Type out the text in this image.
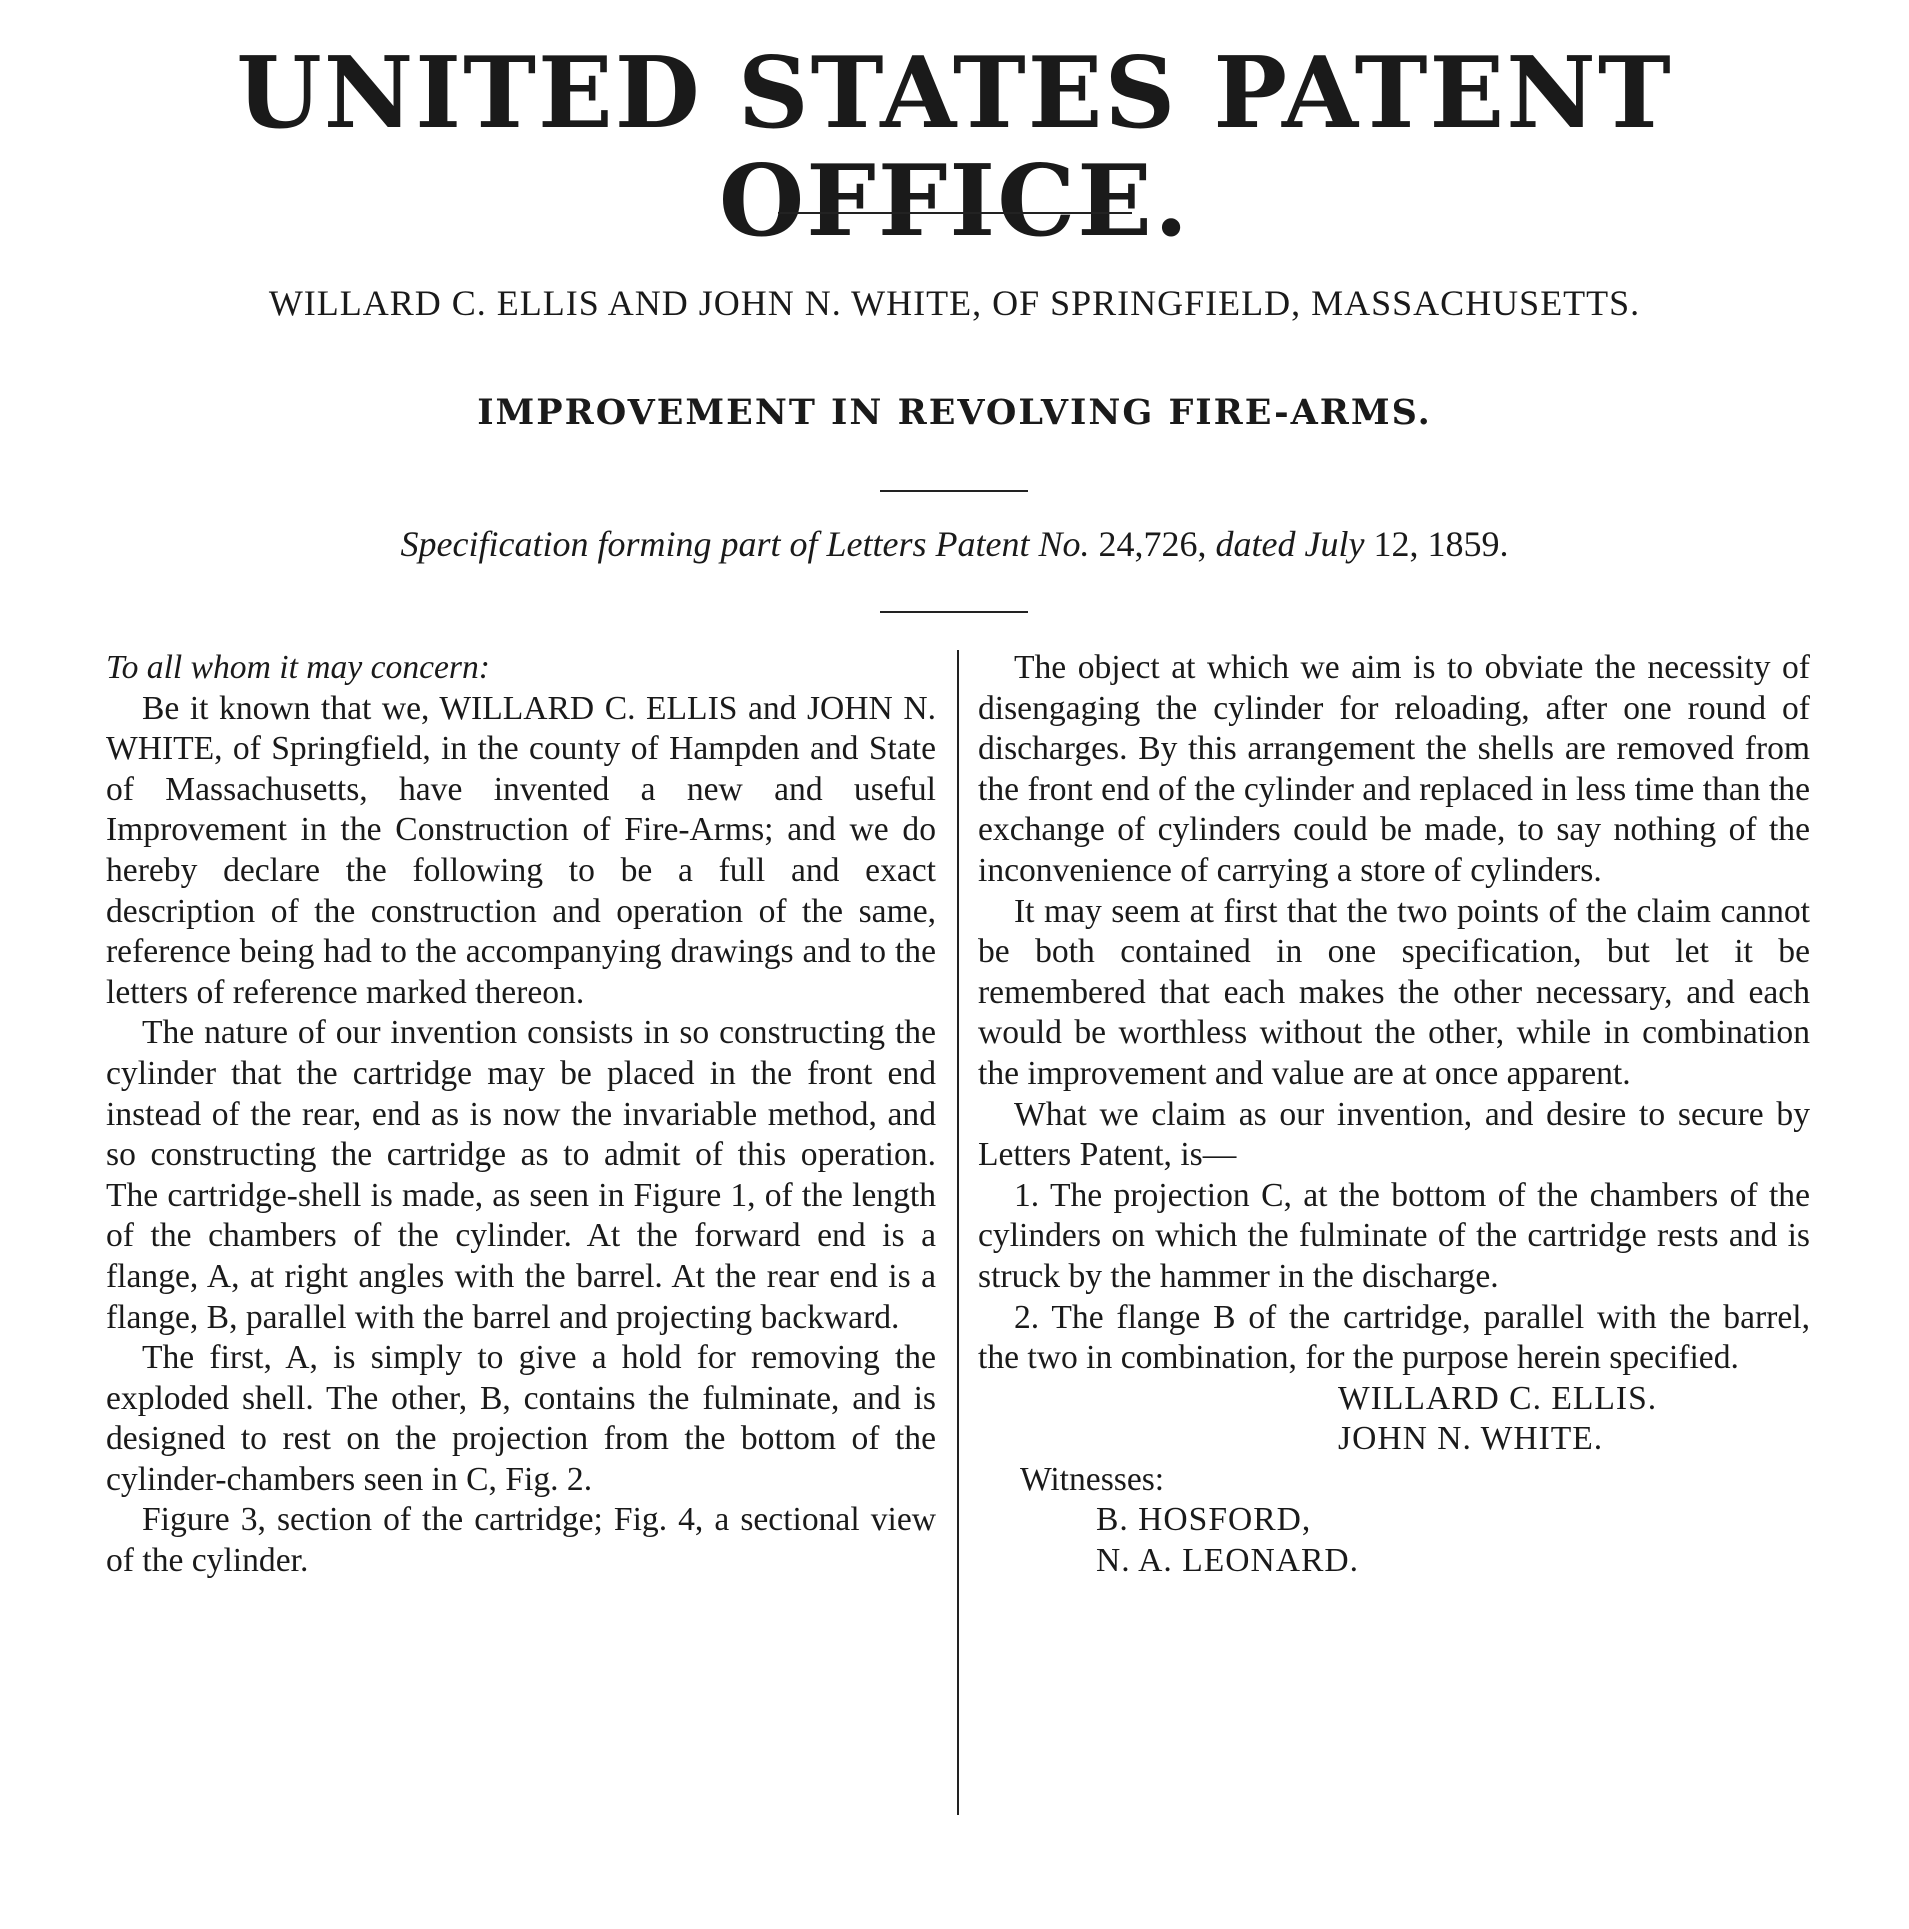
UNITED STATES PATENT OFFICE.
WILLARD C. ELLIS AND JOHN N. WHITE, OF SPRINGFIELD, MASSACHUSETTS.
IMPROVEMENT IN REVOLVING FIRE-ARMS.
Specification forming part of Letters Patent No. 24,726, dated July 12, 1859.

To all whom it may concern:

Be it known that we, WILLARD C. ELLIS and JOHN N. WHITE, of Springfield, in the county of Hampden and State of Massachusetts, have invented a new and useful Improvement in the Construction of Fire-Arms; and we do hereby declare the following to be a full and exact description of the construction and operation of the same, reference being had to the accompanying drawings and to the letters of reference marked thereon.

The nature of our invention consists in so constructing the cylinder that the cartridge may be placed in the front end instead of the rear, end as is now the invariable method, and so constructing the cartridge as to admit of this operation. The cartridge-shell is made, as seen in Figure 1, of the length of the chambers of the cylinder. At the forward end is a flange, A, at right angles with the barrel. At the rear end is a flange, B, parallel with the barrel and projecting backward.

The first, A, is simply to give a hold for removing the exploded shell. The other, B, contains the fulminate, and is designed to rest on the projection from the bottom of the cylinder-chambers seen in C, Fig. 2.

Figure 3, section of the cartridge; Fig. 4, a sectional view of the cylinder.

The object at which we aim is to obviate the necessity of disengaging the cylinder for reloading, after one round of discharges. By this arrangement the shells are removed from the front end of the cylinder and replaced in less time than the exchange of cylinders could be made, to say nothing of the inconvenience of carrying a store of cylinders.

It may seem at first that the two points of the claim cannot be both contained in one specification, but let it be remembered that each makes the other necessary, and each would be worthless without the other, while in combination the improvement and value are at once apparent.

What we claim as our invention, and desire to secure by Letters Patent, is—

1. The projection C, at the bottom of the chambers of the cylinders on which the fulminate of the cartridge rests and is struck by the hammer in the discharge.

2. The flange B of the cartridge, parallel with the barrel, the two in combination, for the purpose herein specified.

WILLARD C. ELLIS.

JOHN N. WHITE.

Witnesses:

B. HOSFORD,

N. A. LEONARD.
